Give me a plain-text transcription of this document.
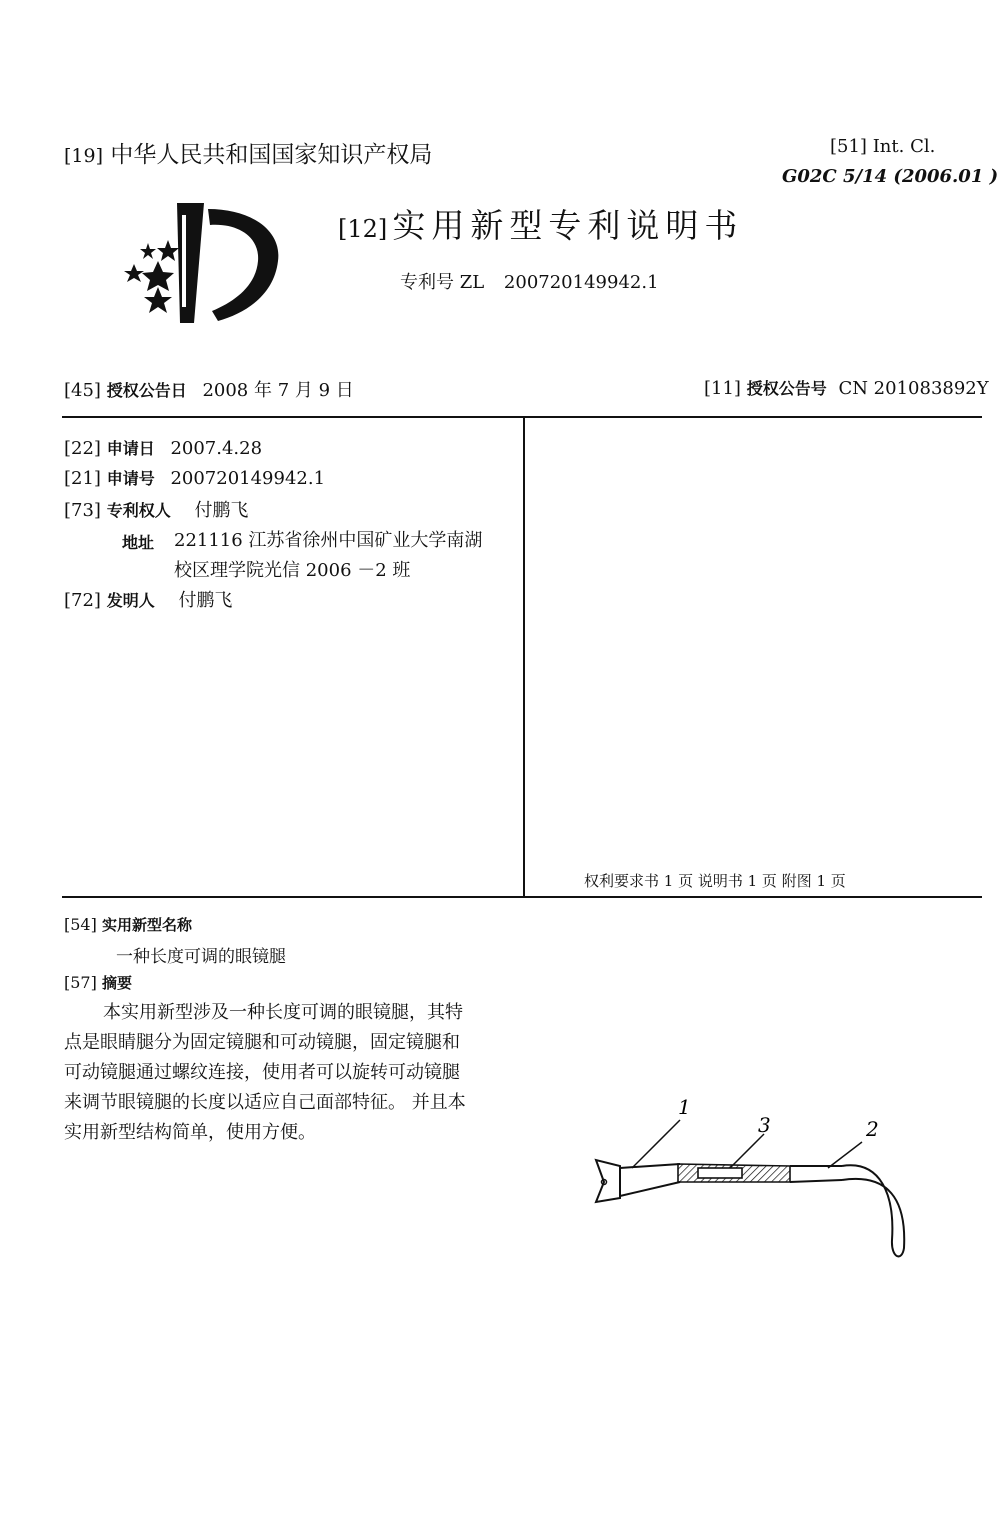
[19] 中华人民共和国国家知识产权局	[51] Int. Cl.
G02C 5/14 (2006.01 )
[12] 实用新型专利说明书
专利号 ZL 200720149942.1
[45] 授权公告日 2008 年 7 月 9 日	[11] 授权公告号 CN 201083892Y
[22] 申请日 2007.4.28
[21] 申请号 200720149942.1
[73] 专利权人 付鹏飞
地址 221116 江苏省徐州中国矿业大学南湖
校区理学院光信 2006 －2 班
[72] 发明人 付鹏飞
权利要求书 1 页 说明书 1 页 附图 1 页
[54] 实用新型名称
一种长度可调的眼镜腿
[57] 摘要
本实用新型涉及一种长度可调的眼镜腿，其特
点是眼睛腿分为固定镜腿和可动镜腿，固定镜腿和
可动镜腿通过螺纹连接，使用者可以旋转可动镜腿
来调节眼镜腿的长度以适应自己面部特征。 并且本
实用新型结构简单，使用方便。
1
3	2
